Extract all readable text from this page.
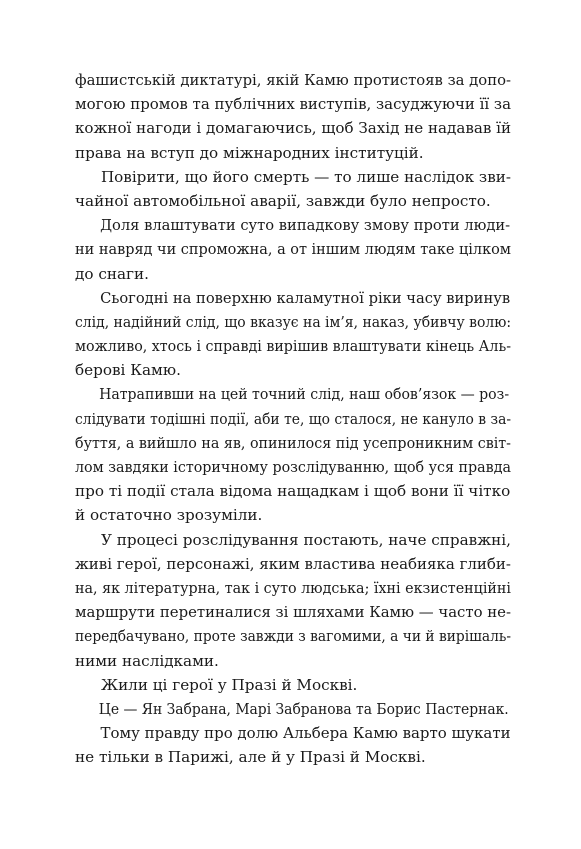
фашистській диктатурі, якій Камю протистояв за допо-
могою промов та публічних виступів, засуджуючи її за
кожної нагоди і домагаючись, щоб Захід не надавав їй
права на вступ до міжнародних інституцій.
Повірити, що його смерть — то лише наслідок зви-
чайної автомобільної аварії, завжди було непросто.
Доля влаштувати суто випадкову змову проти люди-
ни навряд чи спроможна, а от іншим людям таке цілком
до снаги.
Сьогодні на поверхню каламутної ріки часу виринув
слід, надійний слід, що вказує на ім’я, наказ, убивчу волю:
можливо, хтось і справді вирішив влаштувати кінець Аль-
берові Камю.
Натрапивши на цей точний слід, наш обов’язок — роз-
слідувати тодішні події, аби те, що сталося, не кануло в за-
буття, а вийшло на яв, опинилося під усепроникним світ-
лом завдяки історичному розслідуванню, щоб уся правда
про ті події стала відома нащадкам і щоб вони її чітко
й остаточно зрозуміли.
У процесі розслідування постають, наче справжні,
живі герої, персонажі, яким властива неабияка глиби-
на, як літературна, так і суто людська; їхні екзистенційні
маршрути перетиналися зі шляхами Камю — часто не-
передбачувано, проте завжди з вагомими, а чи й вирішаль-
ними наслідками.
Жили ці герої у Празі й Москві.
Це — Ян Забрана, Марі Забранова та Борис Пастернак.
Тому правду про долю Альбера Камю варто шукати
не тільки в Парижі, але й у Празі й Москві.
